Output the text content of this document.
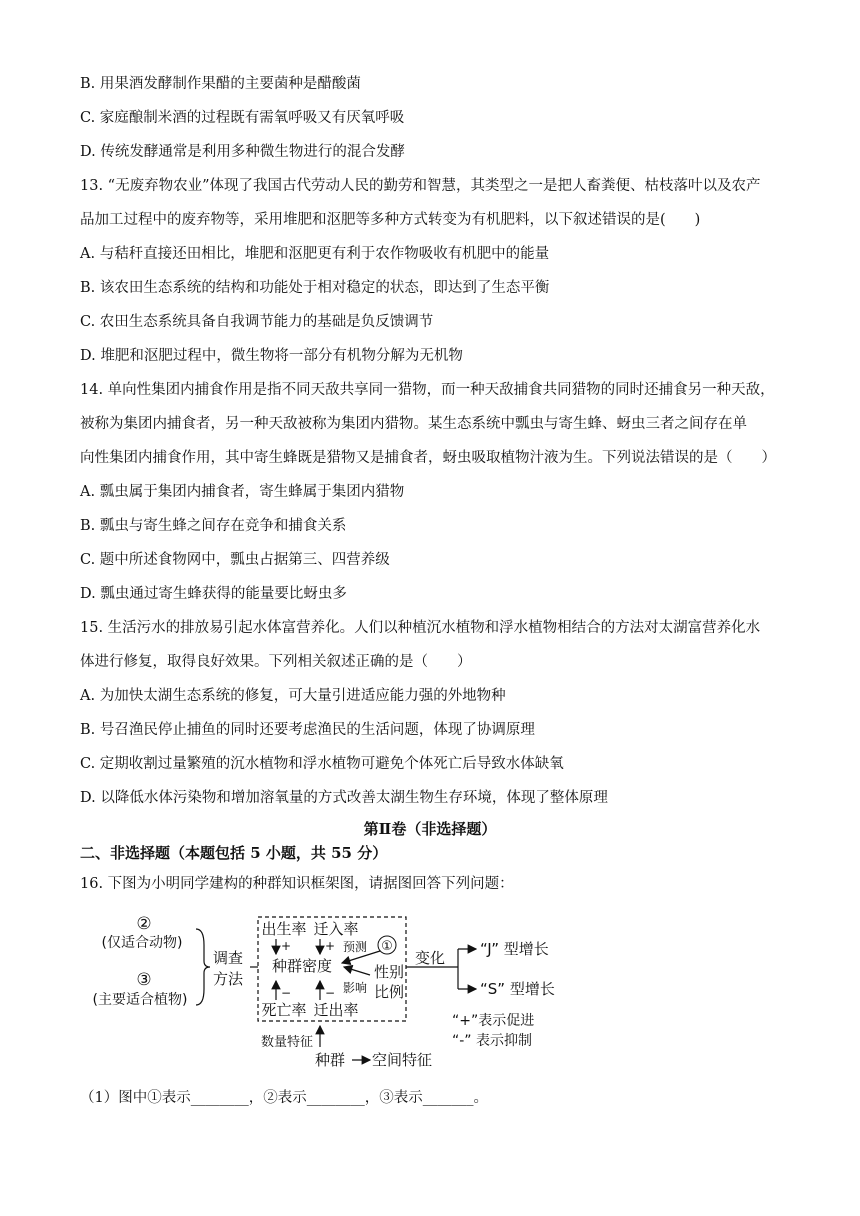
B. 用果酒发酵制作果醋的主要菌种是醋酸菌
C. 家庭酿制米酒的过程既有需氧呼吸又有厌氧呼吸
D. 传统发酵通常是利用多种微生物进行的混合发酵
13. “无废弃物农业”体现了我国古代劳动人民的勤劳和智慧，其类型之一是把人畜粪便、枯枝落叶以及农产
品加工过程中的废弃物等，采用堆肥和沤肥等多种方式转变为有机肥料，以下叙述错误的是(　　)
A. 与秸秆直接还田相比，堆肥和沤肥更有利于农作物吸收有机肥中的能量
B. 该农田生态系统的结构和功能处于相对稳定的状态，即达到了生态平衡
C. 农田生态系统具备自我调节能力的基础是负反馈调节
D. 堆肥和沤肥过程中，微生物将一部分有机物分解为无机物
14. 单向性集团内捕食作用是指不同天敌共享同一猎物，而一种天敌捕食共同猎物的同时还捕食另一种天敌，
被称为集团内捕食者，另一种天敌被称为集团内猎物。某生态系统中瓢虫与寄生蜂、蚜虫三者之间存在单
向性集团内捕食作用，其中寄生蜂既是猎物又是捕食者，蚜虫吸取植物汁液为生。下列说法错误的是（　　）
A. 瓢虫属于集团内捕食者，寄生蜂属于集团内猎物
B. 瓢虫与寄生蜂之间存在竞争和捕食关系
C. 题中所述食物网中，瓢虫占据第三、四营养级
D. 瓢虫通过寄生蜂获得的能量要比蚜虫多
15. 生活污水的排放易引起水体富营养化。人们以种植沉水植物和浮水植物相结合的方法对太湖富营养化水
体进行修复，取得良好效果。下列相关叙述正确的是（　　）
A. 为加快太湖生态系统的修复，可大量引进适应能力强的外地物种
B. 号召渔民停止捕鱼的同时还要考虑渔民的生活问题，体现了协调原理
C. 定期收割过量繁殖的沉水植物和浮水植物可避免个体死亡后导致水体缺氧
D. 以降低水体污染物和增加溶氧量的方式改善太湖生物生存环境，体现了整体原理
第Ⅱ卷（非选择题）
二、非选择题（本题包括 5 小题，共 55 分）
16. 下图为小明同学建构的种群知识框架图，请据图回答下列问题：
②
(仅适合动物)
③
(主要适合植物)
调查
方法
出生率 迁入率
+	+ 预测 ①
种群密度	性别
比例
影响
−	−
死亡率 迁出率
变化 “J” 型增长
“S” 型增长
“+”表示促进
“-” 表示抑制
数量特征
种群 空间特征
（1）图中①表示________，②表示________，③表示_______。
